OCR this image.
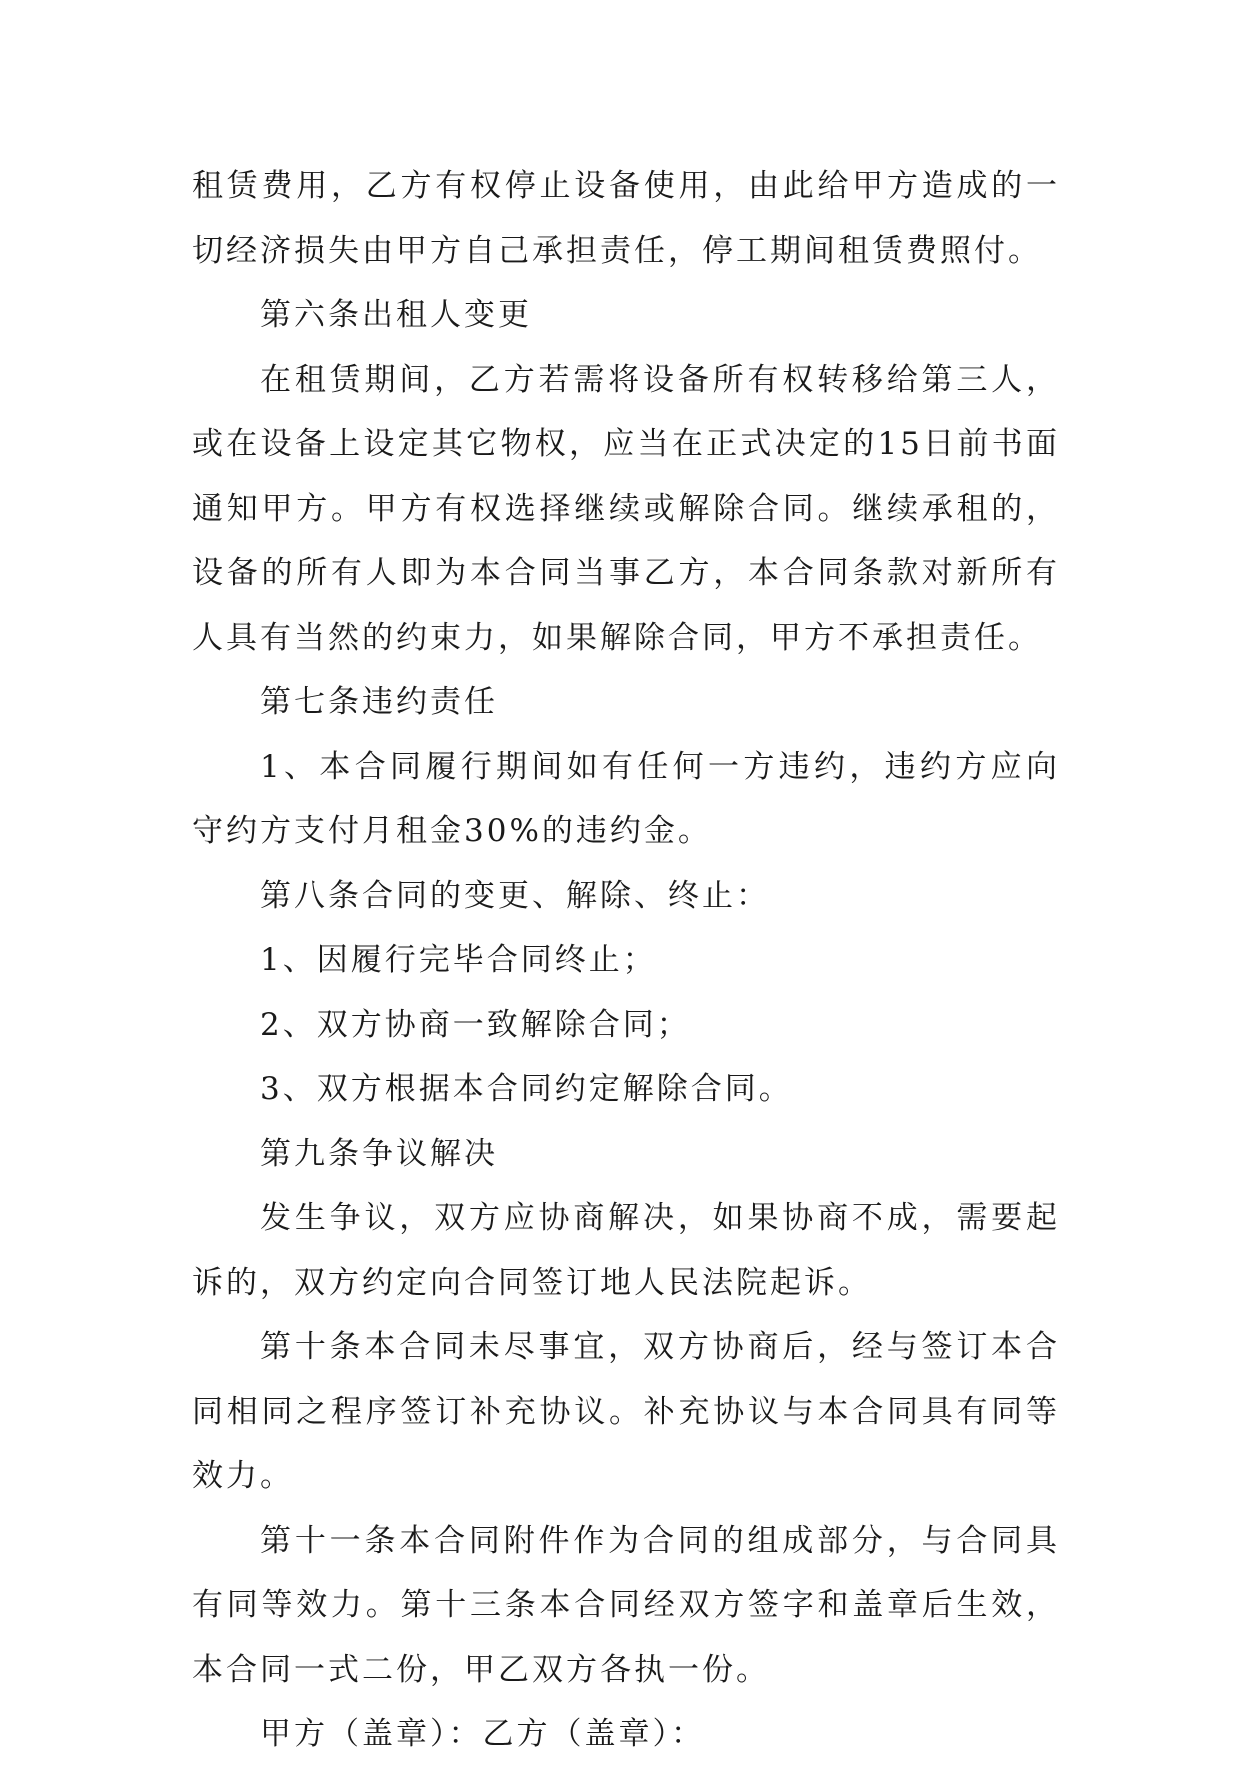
租赁费用，乙方有权停止设备使用，由此给甲方造成的一切经济损失由甲方自己承担责任，停工期间租赁费照付。

第六条出租人变更

在租赁期间，乙方若需将设备所有权转移给第三人，或在设备上设定其它物权，应当在正式决定的15日前书面通知甲方。甲方有权选择继续或解除合同。继续承租的，设备的所有人即为本合同当事乙方，本合同条款对新所有人具有当然的约束力，如果解除合同，甲方不承担责任。

第七条违约责任

1、本合同履行期间如有任何一方违约，违约方应向守约方支付月租金30%的违约金。

第八条合同的变更、解除、终止：

1、因履行完毕合同终止；

2、双方协商一致解除合同；

3、双方根据本合同约定解除合同。

第九条争议解决

发生争议，双方应协商解决，如果协商不成，需要起诉的，双方约定向合同签订地人民法院起诉。

第十条本合同未尽事宜，双方协商后，经与签订本合同相同之程序签订补充协议。补充协议与本合同具有同等效力。

第十一条本合同附件作为合同的组成部分，与合同具有同等效力。第十三条本合同经双方签字和盖章后生效，本合同一式二份，甲乙双方各执一份。

甲方（盖章）：乙方（盖章）：
